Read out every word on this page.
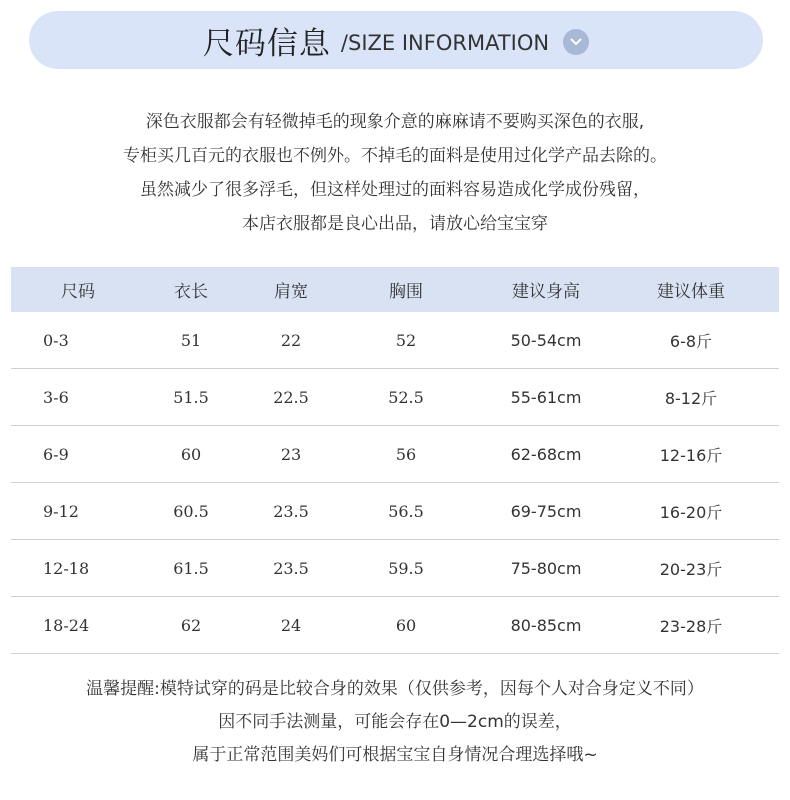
尺码信息 /SIZE INFORMATION

深色衣服都会有轻微掉毛的现象介意的麻麻请不要购买深色的衣服,

专柜买几百元的衣服也不例外。不掉毛的面料是使用过化学产品去除的。

虽然减少了很多浮毛，但这样处理过的面料容易造成化学成份残留，

本店衣服都是良心出品，请放心给宝宝穿

尺码	衣长	肩宽	胸围	建议身高	建议体重
0-3	51	22	52	50-54cm	6-8斤
3-6	51.5	22.5	52.5	55-61cm	8-12斤
6-9	60	23	56	62-68cm	12-16斤
9-12	60.5	23.5	56.5	69-75cm	16-20斤
12-18	61.5	23.5	59.5	75-80cm	20-23斤
18-24	62	24	60	80-85cm	23-28斤

温馨提醒:模特试穿的码是比较合身的效果（仅供参考，因每个人对合身定义不同）

因不同手法测量，可能会存在0—2cm的误差，

属于正常范围美妈们可根据宝宝自身情况合理选择哦~
